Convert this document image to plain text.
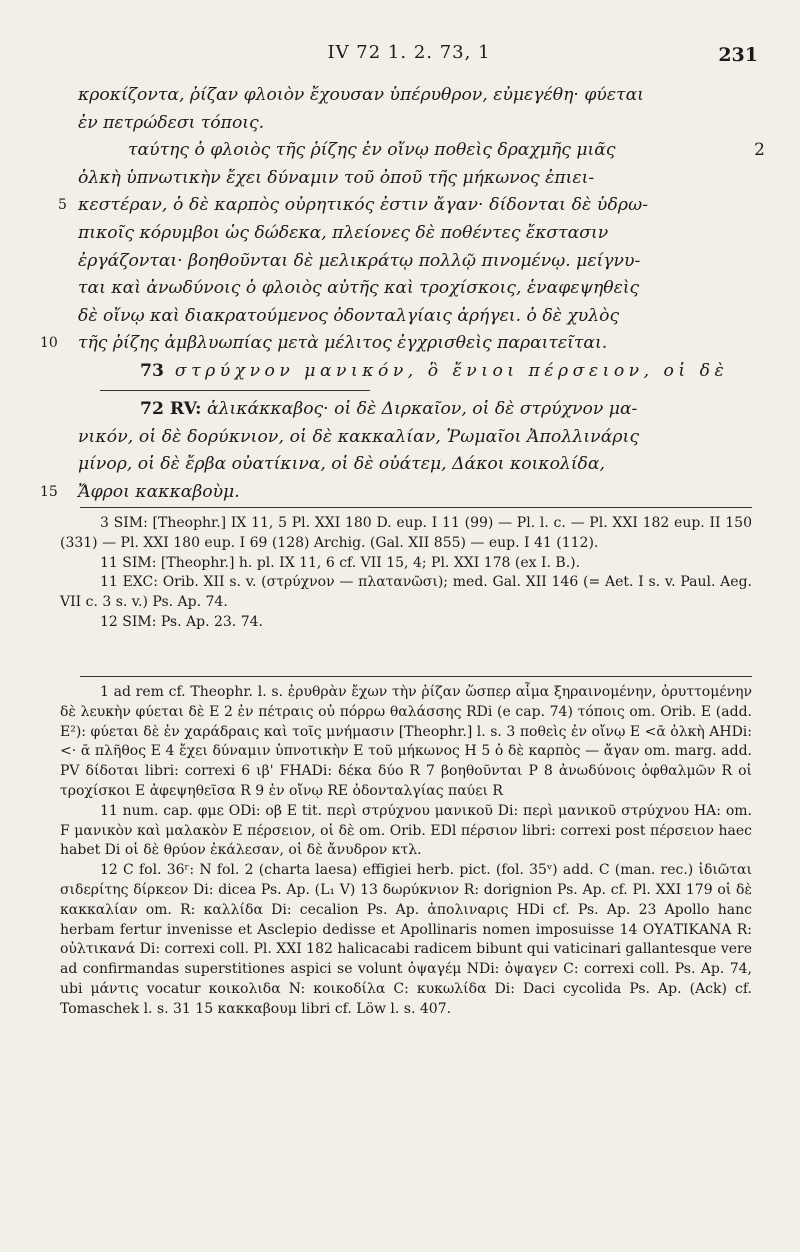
IV 72 1. 2. 73, 1	231
κροκίζοντα, ῥίζαν φλοιὸν ἔχουσαν ὑπέρυθρον, εὐμεγέθη· φύεται
ἐν πετρώδεσι τόποις.
ταύτης ὁ φλοιὸς τῆς ῥίζης ἐν οἴνῳ ποθεὶς δραχμῆς μιᾶς	2
ὁλκὴ ὑπνωτικὴν ἔχει δύναμιν τοῦ ὀποῦ τῆς μήκωνος ἐπιει-
5 κεστέραν, ὁ δὲ καρπὸς οὐρητικός ἐστιν ἄγαν· δίδονται δὲ ὑδρω-
πικοῖς κόρυμβοι ὡς δώδεκα, πλείονες δὲ ποθέντες ἔκστασιν
ἐργάζονται· βοηθοῦνται δὲ μελικράτῳ πολλῷ πινομένῳ. μείγνυ-
ται καὶ ἀνωδύνοις ὁ φλοιὸς αὐτῆς καὶ τροχίσκοις, ἑναφεψηθεὶς
δὲ οἴνῳ καὶ διακρατούμενος ὀδονταλγίαις ἀρήγει. ὁ δὲ χυλὸς
10 τῆς ῥίζης ἀμβλυωπίας μετὰ μέλιτος ἐγχρισθεὶς παραιτεῖται.
73 στρύχνον μανικόν, ὃ ἔνιοι πέρσειον, οἱ δὲ
72 RV: ἁλικάκκαβος· οἱ δὲ Διρκαῖον, οἱ δὲ στρύχνον μα-
νικόν, οἱ δὲ δορύκνιον, οἱ δὲ κακκαλίαν, Ῥωμαῖοι Ἀπολλινάρις
μίνορ, οἱ δὲ ἔρβα οὐατίκινα, οἱ δὲ οὐάτεμ, Δάκοι κοικολίδα,
15 Ἄφροι κακκαβοὺμ.

3 SIM: [Theophr.] IX 11, 5 Pl. XXI 180 D. eup. I 11 (99) — Pl. l. c. — Pl. XXI 182 eup. II 150 (331) — Pl. XXI 180 eup. I 69 (128) Archig. (Gal. XII 855) — eup. I 41 (112).

11 SIM: [Theophr.] h. pl. IX 11, 6 cf. VII 15, 4; Pl. XXI 178 (ex I. B.).

11 EXC: Orib. XII s. v. (στρύχνον — πλατανῶσι); med. Gal. XII 146 (= Aet. I s. v. Paul. Aeg. VII c. 3 s. v.) Ps. Ap. 74.

12 SIM: Ps. Ap. 23. 74.

1 ad rem cf. Theophr. l. s. ἐρυθρὰν ἔχων τὴν ῥίζαν ὥσπερ αἷμα ξηραινομένην, ὀρυττομένην δὲ λευκὴν φύεται δὲ E 2 ἐν πέτραις οὐ πόρρω θαλάσσης RDi (e cap. 74) τόποις om. Orib. E (add. E²): φύεται δὲ ἐν χαράδραις καὶ τοῖς μνήμασιν [Theophr.] l. s. 3 ποθεὶς ἐν οἴνῳ E <ᾱ ὁλκὴ AHDi: <· ᾱ πλῆθος E 4 ἔχει δύναμιν ὑπνοτικὴν E τοῦ μήκωνος H 5 ὁ δὲ καρπὸς — ἄγαν om. marg. add. PV δίδοται libri: correxi 6 ιβ' FHADi: δέκα δύο R 7 βοηθοῦνται P 8 ἀνωδύνοις ὀφθαλμῶν R οἱ τροχίσκοι E ἀφεψηθεῖσα R 9 ἐν οἴνῳ RE ὀδονταλγίας παύει R

11 num. cap. φμε ODi: οβ E tit. περὶ στρύχνου μανικοῦ Di: περὶ μανικοῦ στρύχνου HA: om. F μανικὸν καὶ μαλακὸν E πέρσειον, οἱ δὲ om. Orib. EDl πέρσιον libri: correxi post πέρσειον haec habet Di οἱ δὲ θρύον ἐκάλεσαν, οἱ δὲ ἄνυδρον κτλ.

12 C fol. 36ʳ: N fol. 2 (charta laesa) effigiei herb. pict. (fol. 35ᵛ) add. C (man. rec.) ἰδιῶται σιδερίτης δίρκεον Di: dicea Ps. Ap. (L₁ V) 13 δωρύκνιον R: dorignion Ps. Ap. cf. Pl. XXI 179 οἱ δὲ κακκαλίαν om. R: καλλίδα Di: cecalion Ps. Ap. ἀπολιναρις HDi cf. Ps. Ap. 23 Apollo hanc herbam fertur invenisse et Asclepio dedisse et Apollinaris nomen imposuisse 14 ΟΥΑΤΙΚΑΝΑ R: οὐλτικανά Di: correxi coll. Pl. XXI 182 halicacabi radicem bibunt qui vaticinari gallantesque vere ad confirmandas superstitiones aspici se volunt ὀψαγέμ NDi: ὀψαγεν C: correxi coll. Ps. Ap. 74, ubi μάντις vocatur κοικολιδα N: κοικοδίλα C: κυκωλίδα Di: Daci cycolida Ps. Ap. (Ack) cf. Tomaschek l. s. 31 15 κακκαβουμ libri cf. Löw l. s. 407.
